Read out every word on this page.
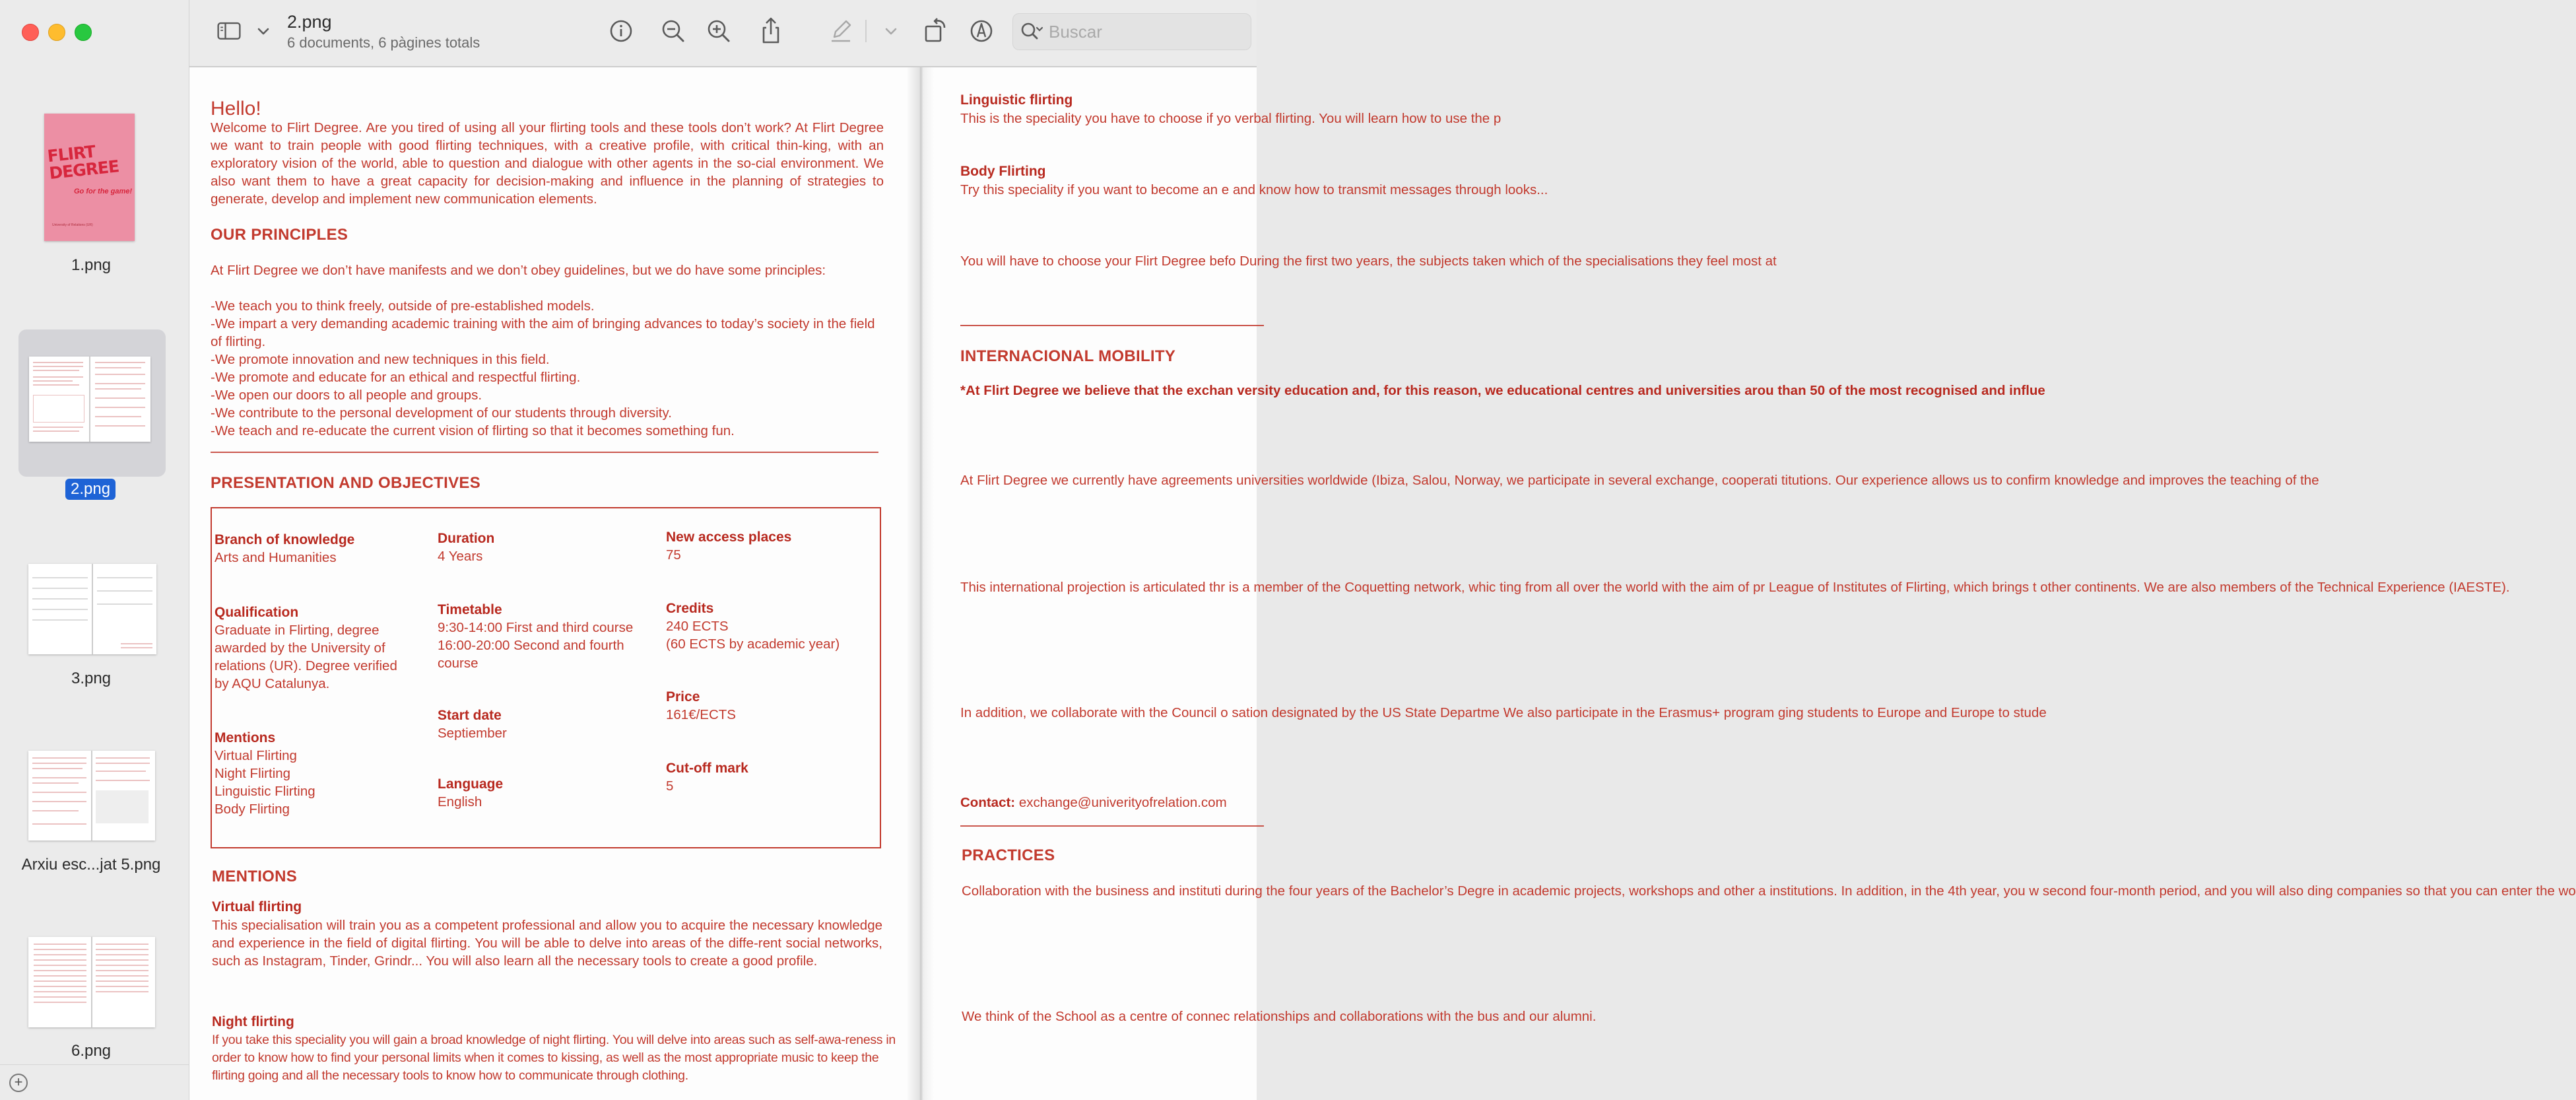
FLIRT DEGREE
Go for the game!
University of Relations (UR)
1.png
2.png
3.png
Arxiu esc...jat 5.png
6.png
+
2.png
6 documents, 6 pàgines totals
Buscar
Hello!
Welcome to Flirt Degree. Are you tired of using all your flirting tools and these tools don’t work? At Flirt Degree we want to train people with good flirting techniques, with a creative profile, with critical thin-king, with an exploratory vision of the world, able to question and dialogue with other agents in the so-cial environment. We also want them to have a great capacity for decision-making and influence in the planning of strategies to generate, develop and implement new communication elements.
OUR PRINCIPLES
At Flirt Degree we don’t have manifests and we don’t obey guidelines, but we do have some principles:
-We teach you to think freely, outside of pre-established models.
-We impart a very demanding academic training with the aim of bringing advances to today’s society in the field of flirting.
-We promote innovation and new techniques in this field.
-We promote and educate for an ethical and respectful flirting.
-We open our doors to all people and groups.
-We contribute to the personal development of our students through diversity.
-We teach and re-educate the current vision of flirting so that it becomes something fun.
PRESENTATION AND OBJECTIVES
Branch of knowledge
Arts and Humanities
Duration
4 Years
New access places
75
Qualification
Graduate in Flirting, degree awarded by the University of relations (UR). Degree verified by AQU Catalunya.
Timetable
9:30-14:00 First and third course
16:00-20:00 Second and fourth course
Credits
240 ECTS
(60 ECTS by academic year)
Price
161€/ECTS
Start date
Septiember
Mentions
Virtual Flirting
Night Flirting
Linguistic Flirting
Body Flirting
Cut-off mark
5
Language
English
MENTIONS
Virtual flirting
This specialisation will train you as a competent professional and allow you to acquire the necessary knowledge and experience in the field of digital flirting. You will be able to delve into areas of the diffe-rent social networks, such as Instagram, Tinder, Grindr... You will also learn all the necessary tools to create a good profile.
Night flirting
If you take this speciality you will gain a broad knowledge of night flirting. You will delve into areas such as self-awa-reness in order to know how to find your personal limits when it comes to kissing, as well as the most appropriate music to keep the flirting going and all the necessary tools to know how to communicate through clothing.
Linguistic flirting
This is the speciality you have to choose if yo verbal flirting. You will learn how to use the p
Body Flirting
Try this speciality if you want to become an e and know how to transmit messages through looks...
You will have to choose your Flirt Degree befo During the first two years, the subjects taken which of the specialisations they feel most at
INTERNACIONAL MOBILITY
*At Flirt Degree we believe that the exchan versity education and, for this reason, we educational centres and universities arou than 50 of the most recognised and influe
At Flirt Degree we currently have agreements universities worldwide (Ibiza, Salou, Norway, we participate in several exchange, cooperati titutions. Our experience allows us to confirm knowledge and improves the teaching of the
This international projection is articulated thr is a member of the Coquetting network, whic ting from all over the world with the aim of pr League of Institutes of Flirting, which brings t other continents. We are also members of the Technical Experience (IAESTE).
In addition, we collaborate with the Council o sation designated by the US State Departme We also participate in the Erasmus+ program ging students to Europe and Europe to stude
Contact: exchange@univerityofrelation.com
PRACTICES
Collaboration with the business and instituti during the four years of the Bachelor’s Degre in academic projects, workshops and other a institutions. In addition, in the 4th year, you w second four-month period, and you will also ding companies so that you can enter the wo
We think of the School as a centre of connec relationships and collaborations with the bus and our alumni.
